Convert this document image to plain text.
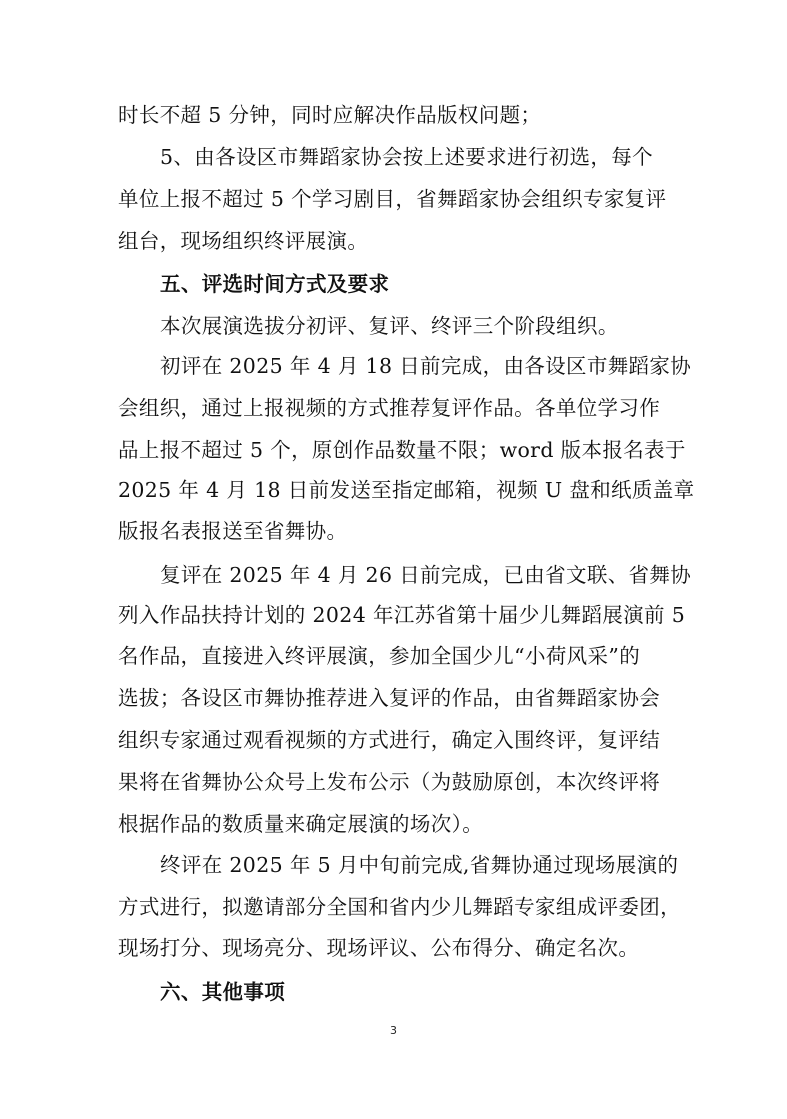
时长不超 5 分钟，同时应解决作品版权问题；
5、由各设区市舞蹈家协会按上述要求进行初选，每个
单位上报不超过 5 个学习剧目，省舞蹈家协会组织专家复评
组台，现场组织终评展演。
五、评选时间方式及要求
本次展演选拔分初评、复评、终评三个阶段组织。
初评在 2025 年 4 月 18 日前完成，由各设区市舞蹈家协
会组织，通过上报视频的方式推荐复评作品。各单位学习作
品上报不超过 5 个，原创作品数量不限；word 版本报名表于
2025 年 4 月 18 日前发送至指定邮箱，视频 U 盘和纸质盖章
版报名表报送至省舞协。
复评在 2025 年 4 月 26 日前完成，已由省文联、省舞协
列入作品扶持计划的 2024 年江苏省第十届少儿舞蹈展演前 5
名作品，直接进入终评展演，参加全国少儿“小荷风采”的
选拔；各设区市舞协推荐进入复评的作品，由省舞蹈家协会
组织专家通过观看视频的方式进行，确定入围终评，复评结
果将在省舞协公众号上发布公示（为鼓励原创，本次终评将
根据作品的数质量来确定展演的场次）。
终评在 2025 年 5 月中旬前完成,省舞协通过现场展演的
方式进行，拟邀请部分全国和省内少儿舞蹈专家组成评委团，
现场打分、现场亮分、现场评议、公布得分、确定名次。
六、其他事项
3
